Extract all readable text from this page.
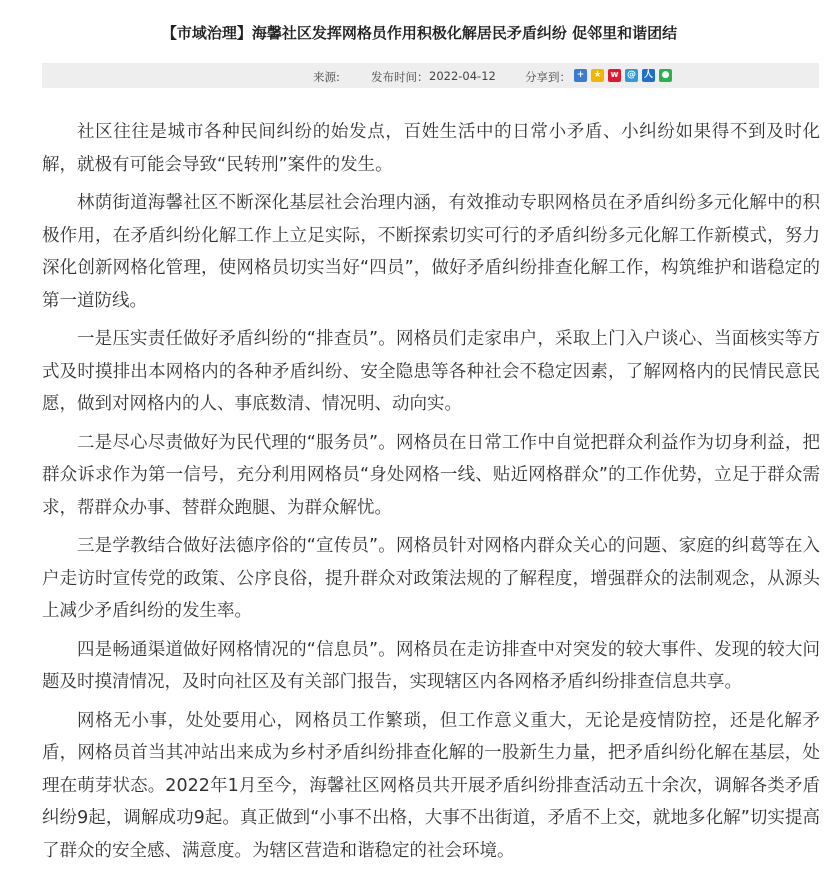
【市域治理】海馨社区发挥网格员作用积极化解居民矛盾纠纷 促邻里和谐团结
来源:	发布时间： 2022-04-12	分享到： +	★ w @ 人 ●

社区往往是城市各种民间纠纷的始发点，百姓生活中的日常小矛盾、小纠纷如果得不到及时化解，就极有可能会导致“民转刑”案件的发生。

林荫街道海馨社区不断深化基层社会治理内涵，有效推动专职网格员在矛盾纠纷多元化解中的积极作用，在矛盾纠纷化解工作上立足实际，不断探索切实可行的矛盾纠纷多元化解工作新模式，努力深化创新网格化管理，使网格员切实当好“四员”，做好矛盾纠纷排查化解工作，构筑维护和谐稳定的第一道防线。

一是压实责任做好矛盾纠纷的“排查员”。网格员们走家串户，采取上门入户谈心、当面核实等方式及时摸排出本网格内的各种矛盾纠纷、安全隐患等各种社会不稳定因素，了解网格内的民情民意民愿，做到对网格内的人、事底数清、情况明、动向实。

二是尽心尽责做好为民代理的“服务员”。网格员在日常工作中自觉把群众利益作为切身利益，把群众诉求作为第一信号，充分利用网格员“身处网格一线、贴近网格群众”的工作优势，立足于群众需求，帮群众办事、替群众跑腿、为群众解忧。

三是学教结合做好法德序俗的“宣传员”。网格员针对网格内群众关心的问题、家庭的纠葛等在入户走访时宣传党的政策、公序良俗，提升群众对政策法规的了解程度，增强群众的法制观念，从源头上减少矛盾纠纷的发生率。

四是畅通渠道做好网格情况的“信息员”。网格员在走访排查中对突发的较大事件、发现的较大问题及时摸清情况，及时向社区及有关部门报告，实现辖区内各网格矛盾纠纷排查信息共享。

网格无小事，处处要用心，网格员工作繁琐，但工作意义重大，无论是疫情防控，还是化解矛盾，网格员首当其冲站出来成为乡村矛盾纠纷排查化解的一股新生力量，把矛盾纠纷化解在基层，处理在萌芽状态。2022年1月至今，海馨社区网格员共开展矛盾纠纷排查活动五十余次，调解各类矛盾纠纷9起，调解成功9起。真正做到“小事不出格，大事不出街道，矛盾不上交，就地多化解”切实提高了群众的安全感、满意度。为辖区营造和谐稳定的社会环境。
